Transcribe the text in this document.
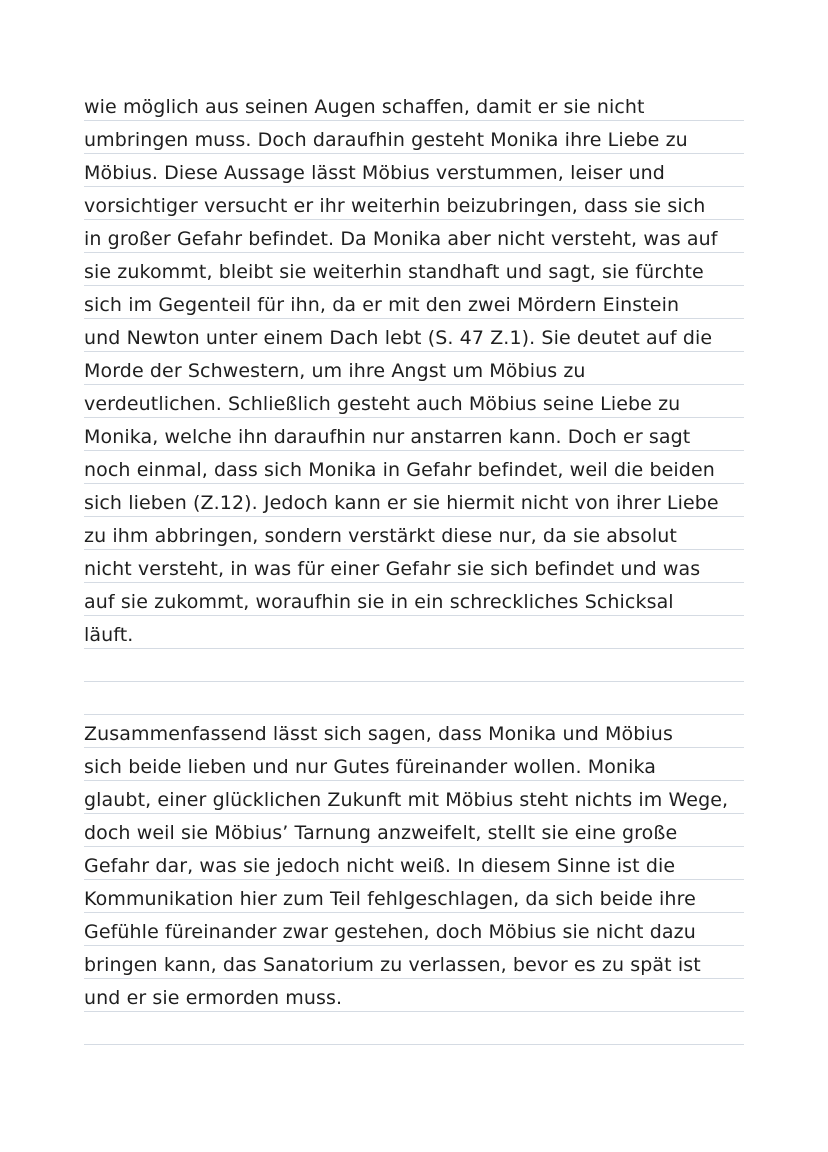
wie möglich aus seinen Augen schaffen, damit er sie nicht
umbringen muss. Doch daraufhin gesteht Monika ihre Liebe zu
Möbius. Diese Aussage lässt Möbius verstummen, leiser und
vorsichtiger versucht er ihr weiterhin beizubringen, dass sie sich
in großer Gefahr befindet. Da Monika aber nicht versteht, was auf
sie zukommt, bleibt sie weiterhin standhaft und sagt, sie fürchte
sich im Gegenteil für ihn, da er mit den zwei Mördern Einstein
und Newton unter einem Dach lebt (S. 47 Z.1). Sie deutet auf die
Morde der Schwestern, um ihre Angst um Möbius zu
verdeutlichen. Schließlich gesteht auch Möbius seine Liebe zu
Monika, welche ihn daraufhin nur anstarren kann. Doch er sagt
noch einmal, dass sich Monika in Gefahr befindet, weil die beiden
sich lieben (Z.12). Jedoch kann er sie hiermit nicht von ihrer Liebe
zu ihm abbringen, sondern verstärkt diese nur, da sie absolut
nicht versteht, in was für einer Gefahr sie sich befindet und was
auf sie zukommt, woraufhin sie in ein schreckliches Schicksal
läuft.
Zusammenfassend lässt sich sagen, dass Monika und Möbius
sich beide lieben und nur Gutes füreinander wollen. Monika
glaubt, einer glücklichen Zukunft mit Möbius steht nichts im Wege,
doch weil sie Möbius’ Tarnung anzweifelt, stellt sie eine große
Gefahr dar, was sie jedoch nicht weiß. In diesem Sinne ist die
Kommunikation hier zum Teil fehlgeschlagen, da sich beide ihre
Gefühle füreinander zwar gestehen, doch Möbius sie nicht dazu
bringen kann, das Sanatorium zu verlassen, bevor es zu spät ist
und er sie ermorden muss.
